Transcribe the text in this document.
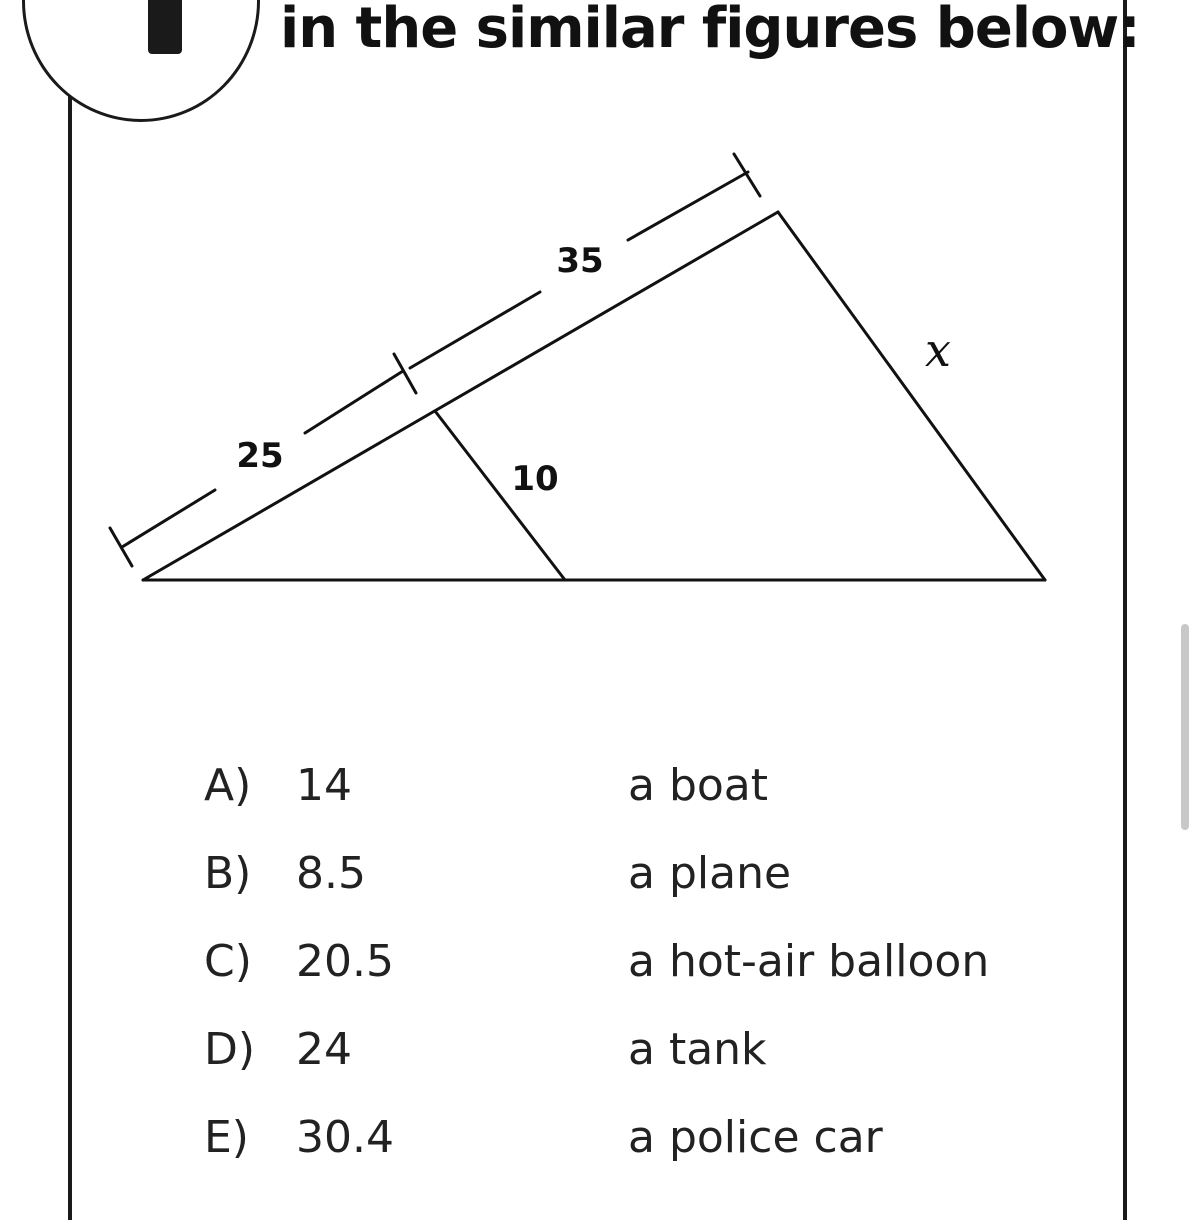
in the similar figures below:
25
35
10
x
A) 14	a boat
B) 8.5	a plane
C) 20.5	a hot-air balloon
D) 24	a tank
E) 30.4	a police car
